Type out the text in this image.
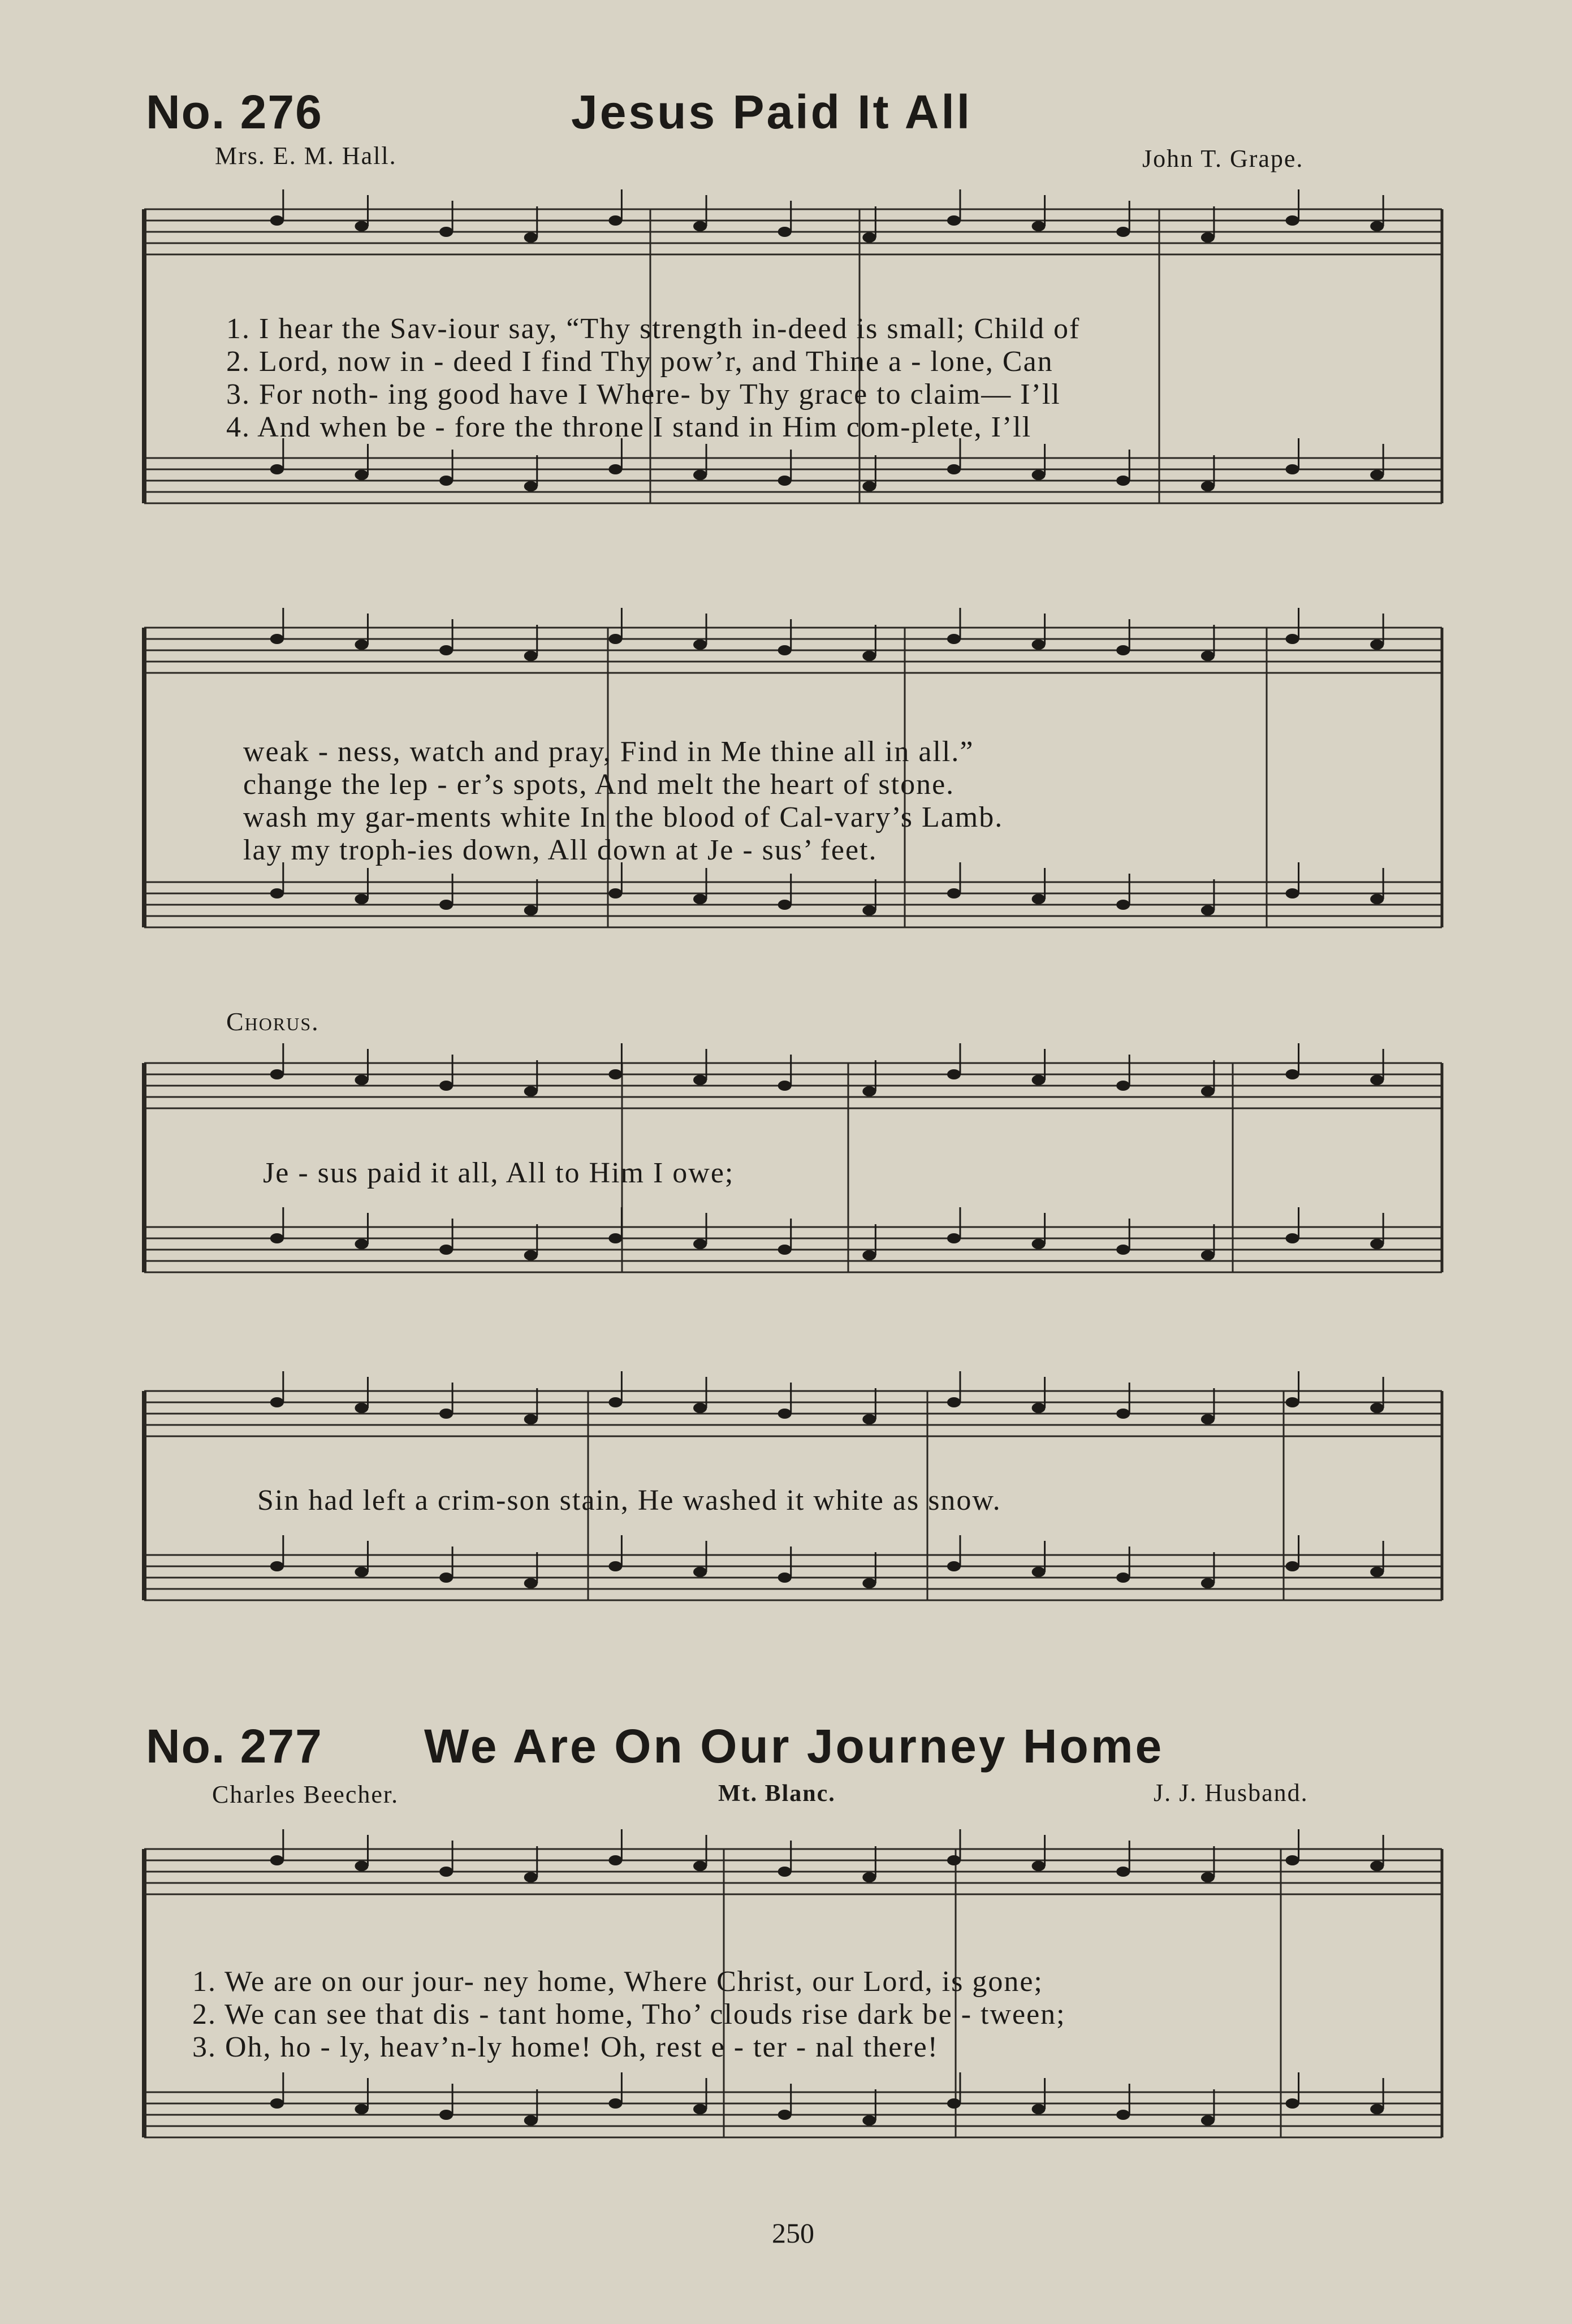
No. 276	Jesus Paid It All
Mrs. E. M. Hall.	John T. Grape.
1. I hear the Sav-iour say, “Thy strength in-deed is small; Child of
2. Lord, now in - deed I find Thy pow’r, and Thine a - lone, Can
3. For noth- ing good have I Where- by Thy grace to claim— I’ll
4. And when be - fore the throne I stand in Him com-plete, I’ll
weak - ness, watch and pray, Find in Me thine all in all.”
change the lep - er’s spots, And melt the heart of stone.
wash my gar-ments white In the blood of Cal-vary’s Lamb.
lay my troph-ies down, All down at Je - sus’ feet.
Chorus.
Je - sus paid it all, All to Him I owe;
Sin had left a crim-son stain, He washed it white as snow.
No. 277 We Are On Our Journey Home
Charles Beecher.	Mt. Blanc.	J. J. Husband.
1. We are on our jour- ney home, Where Christ, our Lord, is gone;
2. We can see that dis - tant home, Tho’ clouds rise dark be - tween;
3. Oh, ho - ly, heav’n-ly home! Oh, rest e - ter - nal there!
250
